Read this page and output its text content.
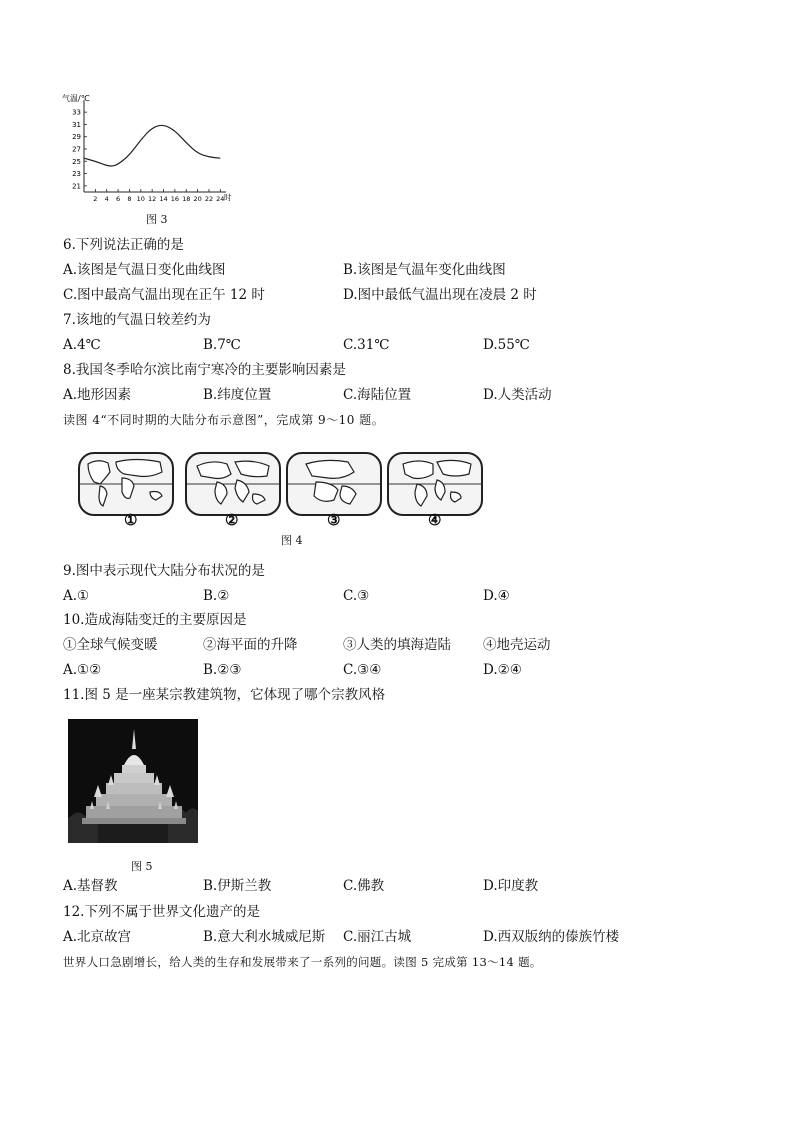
气温/℃
21
23
25
27
29
31
33
2 4 6 8 10 12 14 16 18 20 22 24 时
图 3
6.下列说法正确的是
A.该图是气温日变化曲线图	B.该图是气温年变化曲线图
C.图中最高气温出现在正午 12 时	D.图中最低气温出现在凌晨 2 时
7.该地的气温日较差约为
A.4℃	B.7℃	C.31℃	D.55℃
8.我国冬季哈尔滨比南宁寒冷的主要影响因素是
A.地形因素	B.纬度位置	C.海陆位置	D.人类活动
读图 4“不同时期的大陆分布示意图”，完成第 9～10 题。
①	②	③	④
图 4
9.图中表示现代大陆分布状况的是
A.①	B.②	C.③	D.④
10.造成海陆变迁的主要原因是
①全球气候变暖	②海平面的升降	③人类的填海造陆 ④地壳运动
A.①②	B.②③	C.③④	D.②④
11.图 5 是一座某宗教建筑物，它体现了哪个宗教风格
图 5
A.基督教	B.伊斯兰教	C.佛教	D.印度教
12.下列不属于世界文化遗产的是
A.北京故宫	B.意大利水城威尼斯 C.丽江古城	D.西双版纳的傣族竹楼
世界人口急剧增长，给人类的生存和发展带来了一系列的问题。读图 5 完成第 13～14 题。
